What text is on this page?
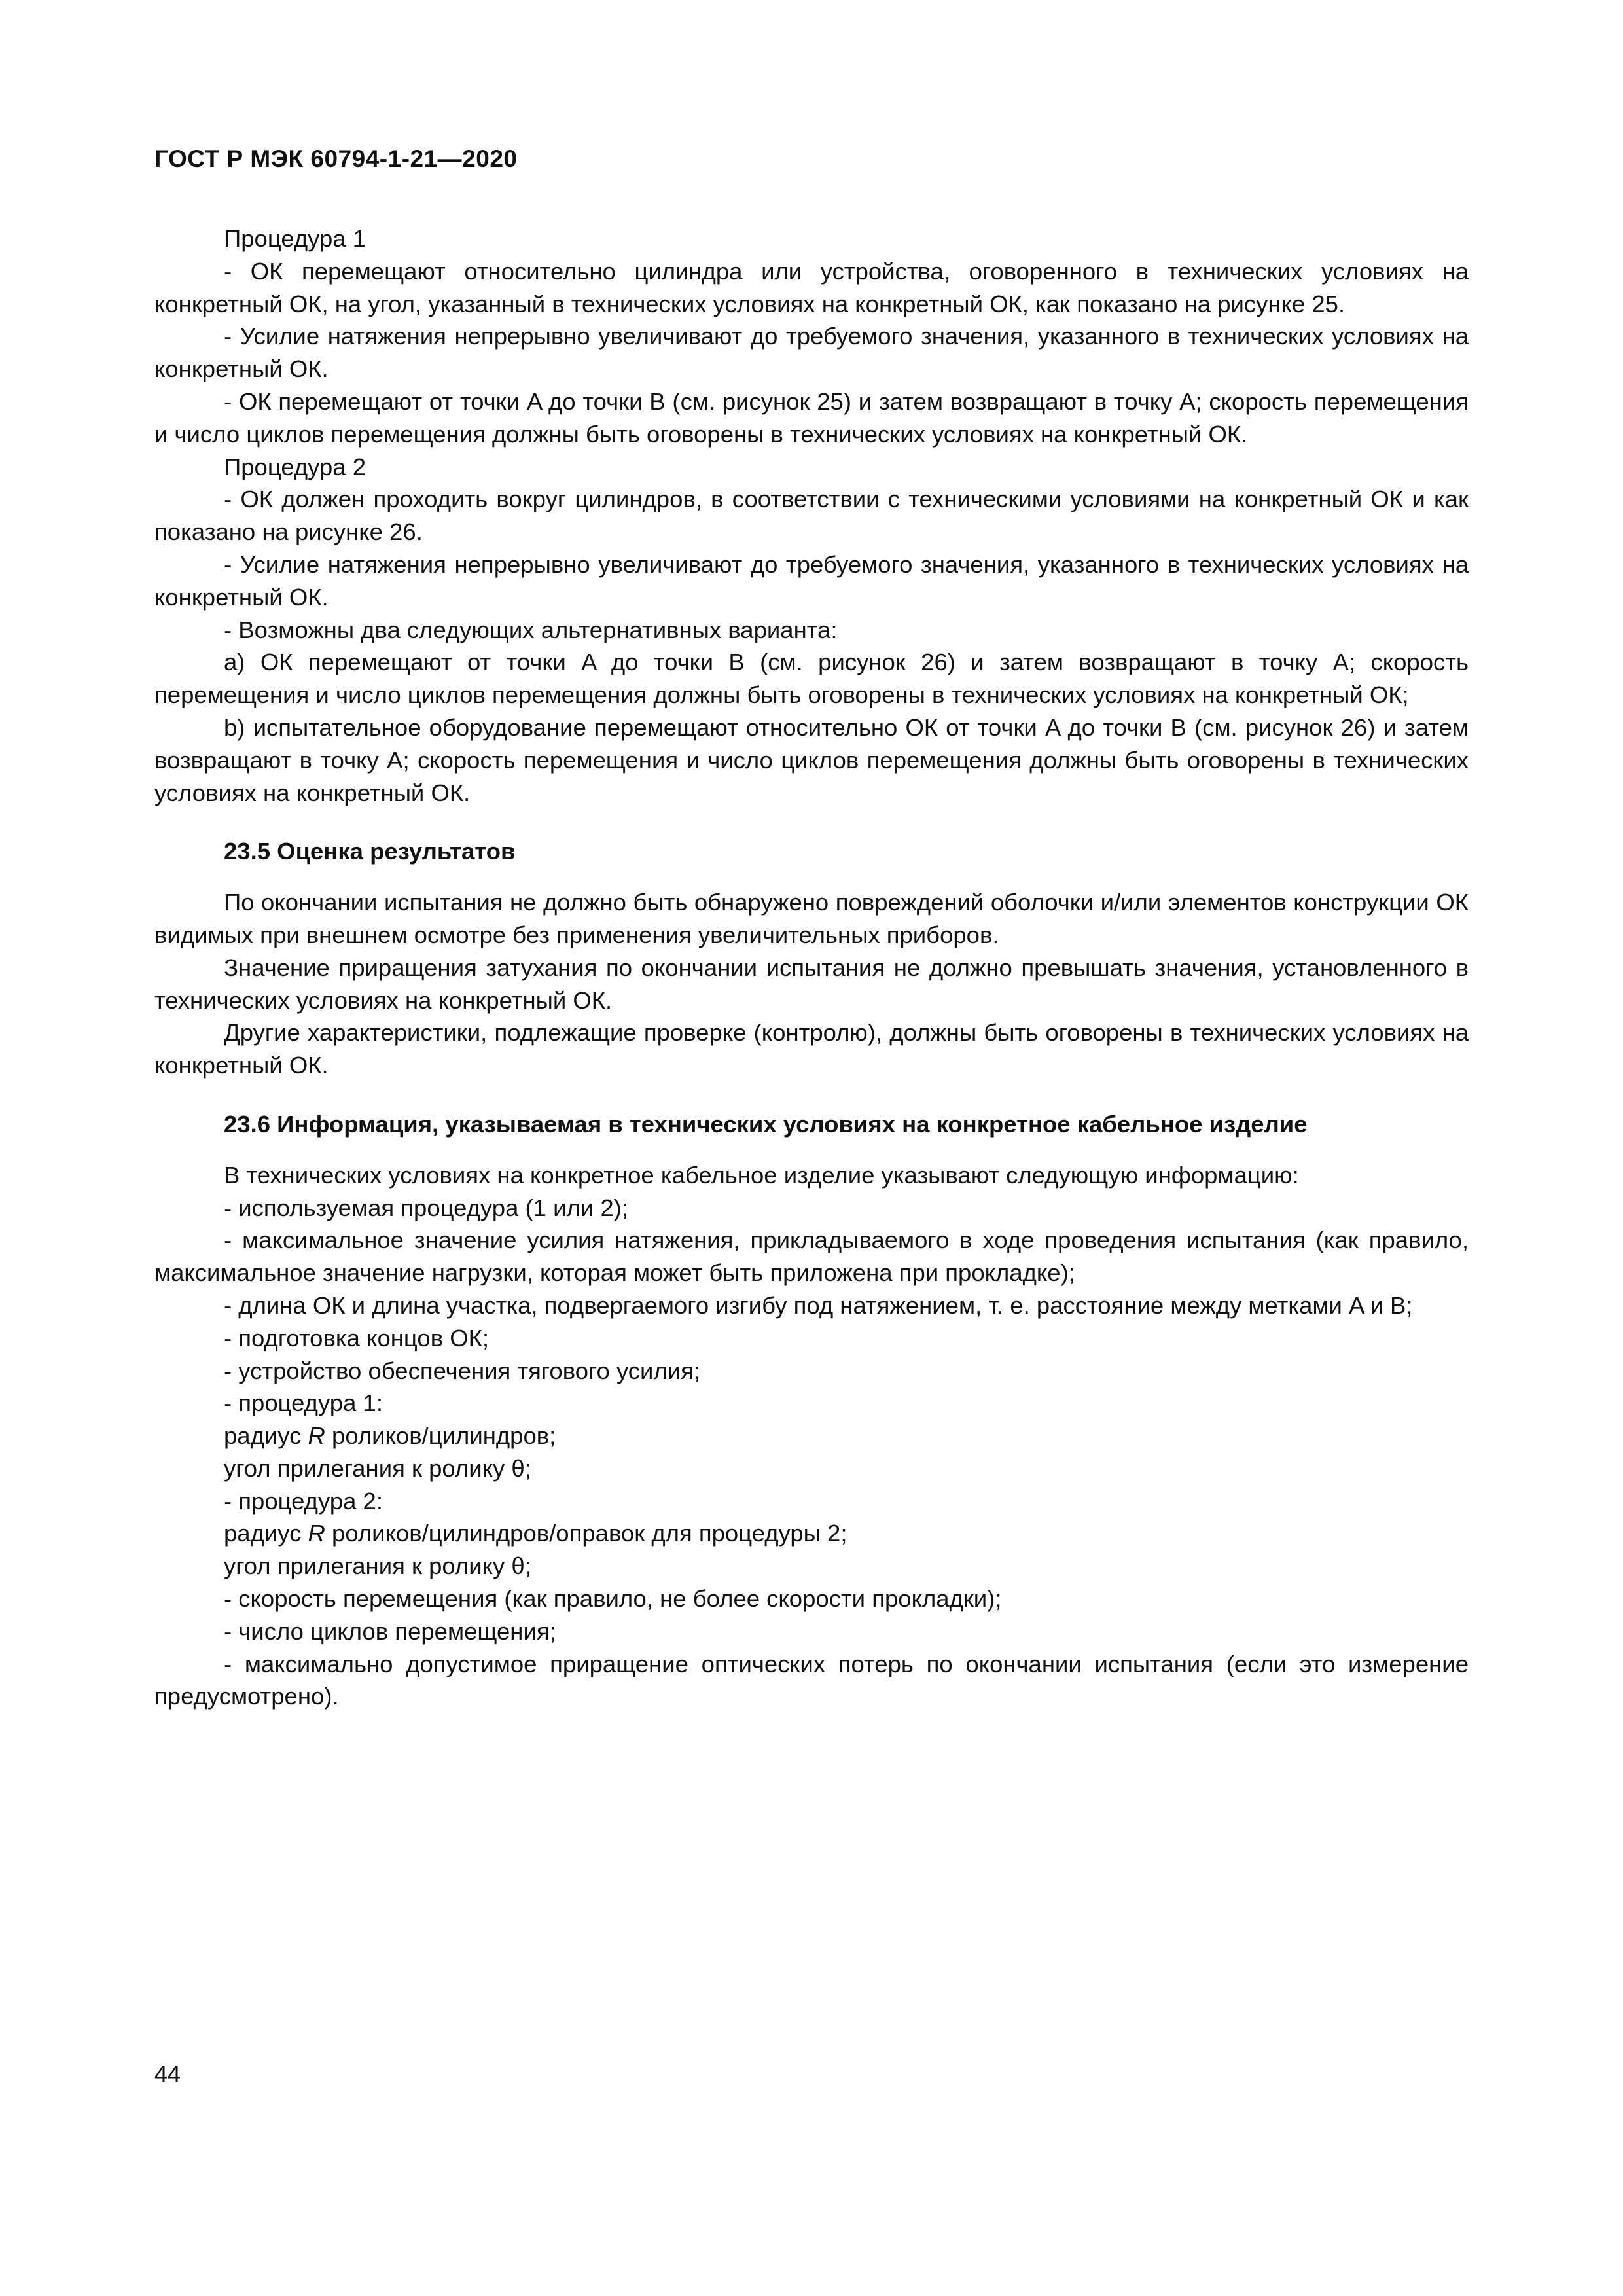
ГОСТ Р МЭК 60794-1-21—2020

Процедура 1

- ОК перемещают относительно цилиндра или устройства, оговоренного в технических условиях на конкретный ОК, на угол, указанный в технических условиях на конкретный ОК, как показано на рисунке 25.

- Усилие натяжения непрерывно увеличивают до требуемого значения, указанного в технических условиях на конкретный ОК.

- ОК перемещают от точки A до точки B (см. рисунок 25) и затем возвращают в точку A; скорость перемещения и число циклов перемещения должны быть оговорены в технических условиях на конкретный ОК.

Процедура 2

- ОК должен проходить вокруг цилиндров, в соответствии с техническими условиями на конкретный ОК и как показано на рисунке 26.

- Усилие натяжения непрерывно увеличивают до требуемого значения, указанного в технических условиях на конкретный ОК.

- Возможны два следующих альтернативных варианта:

a) ОК перемещают от точки A до точки B (см. рисунок 26) и затем возвращают в точку A; скорость перемещения и число циклов перемещения должны быть оговорены в технических условиях на конкретный ОК;

b) испытательное оборудование перемещают относительно ОК от точки A до точки B (см. рисунок 26) и затем возвращают в точку A; скорость перемещения и число циклов перемещения должны быть оговорены в технических условиях на конкретный ОК.

23.5 Оценка результатов

По окончании испытания не должно быть обнаружено повреждений оболочки и/или элементов конструкции ОК видимых при внешнем осмотре без применения увеличительных приборов.

Значение приращения затухания по окончании испытания не должно превышать значения, установленного в технических условиях на конкретный ОК.

Другие характеристики, подлежащие проверке (контролю), должны быть оговорены в технических условиях на конкретный ОК.

23.6 Информация, указываемая в технических условиях на конкретное кабельное изделие

В технических условиях на конкретное кабельное изделие указывают следующую информацию:

- используемая процедура (1 или 2);

- максимальное значение усилия натяжения, прикладываемого в ходе проведения испытания (как правило, максимальное значение нагрузки, которая может быть приложена при прокладке);

- длина ОК и длина участка, подвергаемого изгибу под натяжением, т. е. расстояние между метками A и B;

- подготовка концов ОК;

- устройство обеспечения тягового усилия;

- процедура 1:

радиус R роликов/цилиндров;

угол прилегания к ролику θ;

- процедура 2:

радиус R роликов/цилиндров/оправок для процедуры 2;

угол прилегания к ролику θ;

- скорость перемещения (как правило, не более скорости прокладки);

- число циклов перемещения;

- максимально допустимое приращение оптических потерь по окончании испытания (если это измерение предусмотрено).

44
